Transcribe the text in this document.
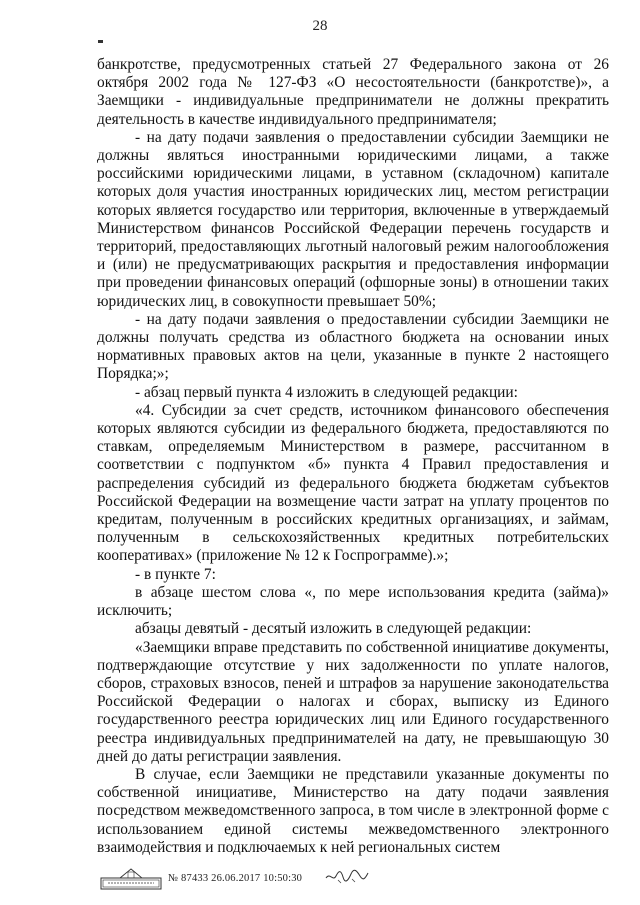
28

банкротстве, предусмотренных статьей 27 Федерального закона от 26 октября 2002 года № 127-ФЗ «О несостоятельности (банкротстве)», а Заемщики - индивидуальные предприниматели не должны прекратить деятельность в качестве индивидуального предпринимателя;

- на дату подачи заявления о предоставлении субсидии Заемщики не должны являться иностранными юридическими лицами, а также российскими юридическими лицами, в уставном (складочном) капитале которых доля участия иностранных юридических лиц, местом регистрации которых является государство или территория, включенные в утверждаемый Министерством финансов Российской Федерации перечень государств и территорий, предоставляющих льготный налоговый режим налогообложения и (или) не предусматривающих раскрытия и предоставления информации при проведении финансовых операций (офшорные зоны) в отношении таких юридических лиц, в совокупности превышает 50%;

- на дату подачи заявления о предоставлении субсидии Заемщики не должны получать средства из областного бюджета на основании иных нормативных правовых актов на цели, указанные в пункте 2 настоящего Порядка;»;

- абзац первый пункта 4 изложить в следующей редакции:

«4. Субсидии за счет средств, источником финансового обеспечения которых являются субсидии из федерального бюджета, предоставляются по ставкам, определяемым Министерством в размере, рассчитанном в соответствии с подпунктом «б» пункта 4 Правил предоставления и распределения субсидий из федерального бюджета бюджетам субъектов Российской Федерации на возмещение части затрат на уплату процентов по кредитам, полученным в российских кредитных организациях, и займам, полученным в сельскохозяйственных кредитных потребительских кооперативах» (приложение № 12 к Госпрограмме).»;

- в пункте 7:

в абзаце шестом слова «, по мере использования кредита (займа)» исключить;

абзацы девятый - десятый изложить в следующей редакции:

«Заемщики вправе представить по собственной инициативе документы, подтверждающие отсутствие у них задолженности по уплате налогов, сборов, страховых взносов, пеней и штрафов за нарушение законодательства Российской Федерации о налогах и сборах, выписку из Единого государственного реестра юридических лиц или Единого государственного реестра индивидуальных предпринимателей на дату, не превышающую 30 дней до даты регистрации заявления.

В случае, если Заемщики не представили указанные документы по собственной инициативе, Министерство на дату подачи заявления посредством межведомственного запроса, в том числе в электронной форме с использованием единой системы межведомственного электронного взаимодействия и подключаемых к ней региональных систем

№ 87433 26.06.2017 10:50:30
